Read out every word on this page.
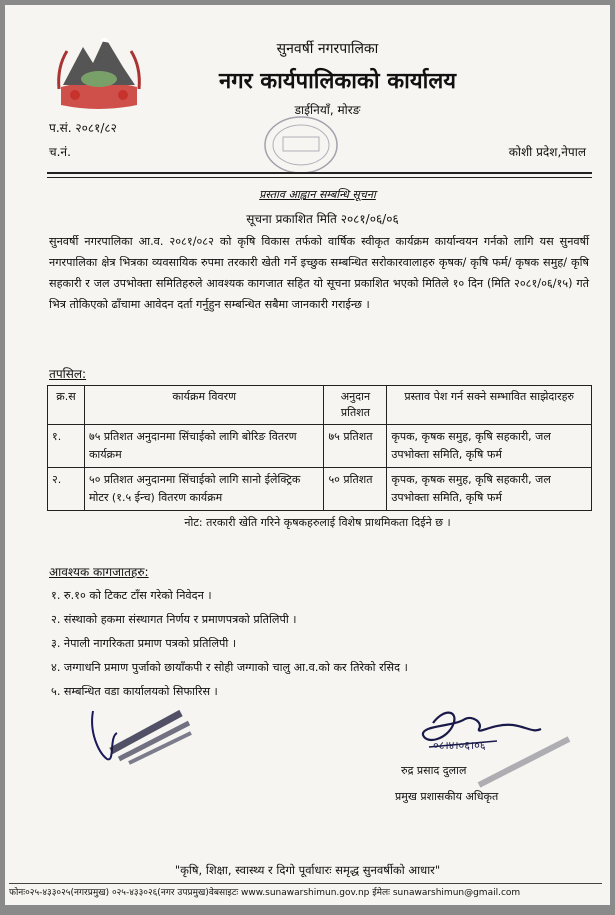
सुनवर्षी नगरपालिका
नगर कार्यपालिकाको कार्यालय
डाईनियाँ, मोरङ
प.सं. २०८१/८२
च.नं.	कोशी प्रदेश,नेपाल
प्रस्ताव आह्वान सम्बन्धि सूचना
सूचना प्रकाशित मिति २०८१/०६/०६
सुनवर्षी नगरपालिका आ.व. २०८१/०८२ को कृषि विकास तर्फको वार्षिक स्वीकृत कार्यक्रम कार्यान्वयन गर्नको लागि यस सुनवर्षी नगरपालिका क्षेत्र भित्रका व्यवसायिक रुपमा तरकारी खेती गर्ने इच्छुक सम्बन्धित सरोकारवालाहरु कृषक/ कृषि फर्म/ कृषक समुह/ कृषि सहकारी र जल उपभोक्ता समितिहरुले आवश्यक कागजात सहित यो सूचना प्रकाशित भएको मितिले १० दिन (मिति २०८१/०६/१५) गते भित्र तोकिएको ढाँचामा आवेदन दर्ता गर्नुहुन सम्बन्धित सबैमा जानकारी गराईन्छ ।
तपसिल:
क्र.स	कार्यक्रम विवरण	अनुदान प्रतिशत	प्रस्ताव पेश गर्न सक्ने सम्भावित साझेदारहरु
१.	७५ प्रतिशत अनुदानमा सिंचाईको लागि बोरिङ वितरण कार्यक्रम	७५ प्रतिशत	कृपक, कृषक समुह, कृषि सहकारी, जल उपभोक्ता समिति, कृषि फर्म
२.	५० प्रतिशत अनुदानमा सिंचाईको लागि सानो ईलेक्ट्रिक मोटर (१.५ ईन्च) वितरण कार्यक्रम	५० प्रतिशत	कृपक, कृषक समुह, कृषि सहकारी, जल उपभोक्ता समिति, कृषि फर्म
नोट: तरकारी खेति गरिने कृषकहरुलाई विशेष प्राथमिकता दिईने छ ।
आवश्यक कागजातहरु:
१. रु.१० को टिकट टाँस गरेको निवेदन ।
२. संस्थाको हकमा संस्थागत निर्णय र प्रमाणपत्रको प्रतिलिपी ।
३. नेपाली नागरिकता प्रमाण पत्रको प्रतिलिपी ।
४. जग्गाधनि प्रमाण पुर्जाको छायाँकपी र सोही जग्गाको चालु आ.व.को कर तिरेको रसिद ।
५. सम्बन्धित वडा कार्यालयको सिफारिस ।
०८।४।०६।०६
रुद्र प्रसाद दुलाल
प्रमुख प्रशासकीय अधिकृत
"कृषि, शिक्षा, स्वास्थ्य र दिगो पूर्वाधारः समृद्ध सुनवर्षीको आधार"
फोनः०२५-४३३०२५(नगरप्रमुख) ०२५-४३३०२६(नगर उपप्रमुख)वेबसाइटः www.sunawarshimun.gov.np ईमेलः sunawarshimun@gmail.com
